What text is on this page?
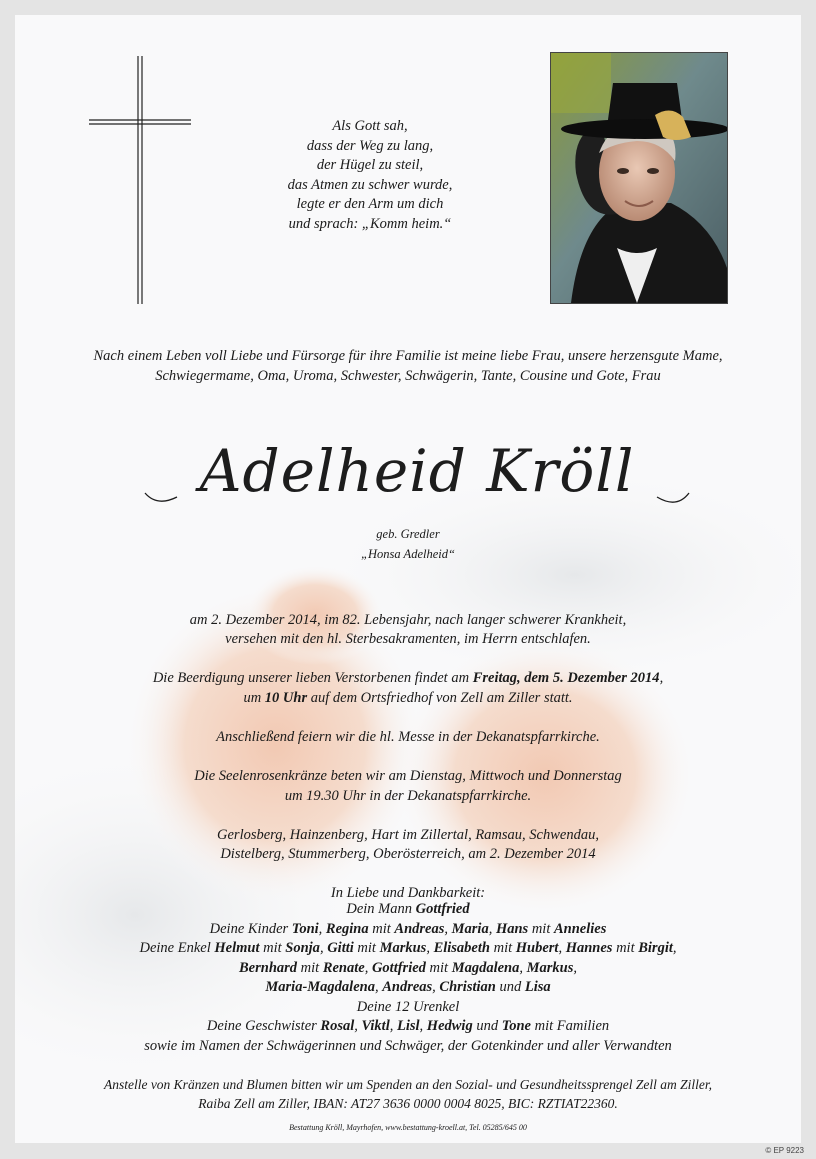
Als Gott sah,
dass der Weg zu lang,
der Hügel zu steil,
das Atmen zu schwer wurde,
legte er den Arm um dich
und sprach: „Komm heim.“
Nach einem Leben voll Liebe und Fürsorge für ihre Familie ist meine liebe Frau, unsere herzensgute Mame,
Schwiegermame, Oma, Uroma, Schwester, Schwägerin, Tante, Cousine und Gote, Frau
Adelheid Kröll
geb. Gredler
„Honsa Adelheid“

am 2. Dezember 2014, im 82. Lebensjahr, nach langer schwerer Krankheit,
versehen mit den hl. Sterbesakramenten, im Herrn entschlafen.

Die Beerdigung unserer lieben Verstorbenen findet am Freitag, dem 5. Dezember 2014,
um 10 Uhr auf dem Ortsfriedhof von Zell am Ziller statt.

Anschließend feiern wir die hl. Messe in der Dekanatspfarrkirche.

Die Seelenrosenkränze beten wir am Dienstag, Mittwoch und Donnerstag
um 19.30 Uhr in der Dekanatspfarrkirche.

Gerlosberg, Hainzenberg, Hart im Zillertal, Ramsau, Schwendau,
Distelberg, Stummerberg, Oberösterreich, am 2. Dezember 2014

In Liebe und Dankbarkeit:

Dein Mann Gottfried
Deine Kinder Toni, Regina mit Andreas, Maria, Hans mit Annelies
Deine Enkel Helmut mit Sonja, Gitti mit Markus, Elisabeth mit Hubert, Hannes mit Birgit,
Bernhard mit Renate, Gottfried mit Magdalena, Markus,
Maria-Magdalena, Andreas, Christian und Lisa
Deine 12 Urenkel
Deine Geschwister Rosal, Viktl, Lisl, Hedwig und Tone mit Familien
sowie im Namen der Schwägerinnen und Schwäger, der Gotenkinder und aller Verwandten
Anstelle von Kränzen und Blumen bitten wir um Spenden an den Sozial- und Gesundheitssprengel Zell am Ziller,
Raiba Zell am Ziller, IBAN: AT27 3636 0000 0004 8025, BIC: RZTIAT22360.
Bestattung Kröll, Mayrhofen, www.bestattung-kroell.at, Tel. 05285/645 00
© EP 9223
